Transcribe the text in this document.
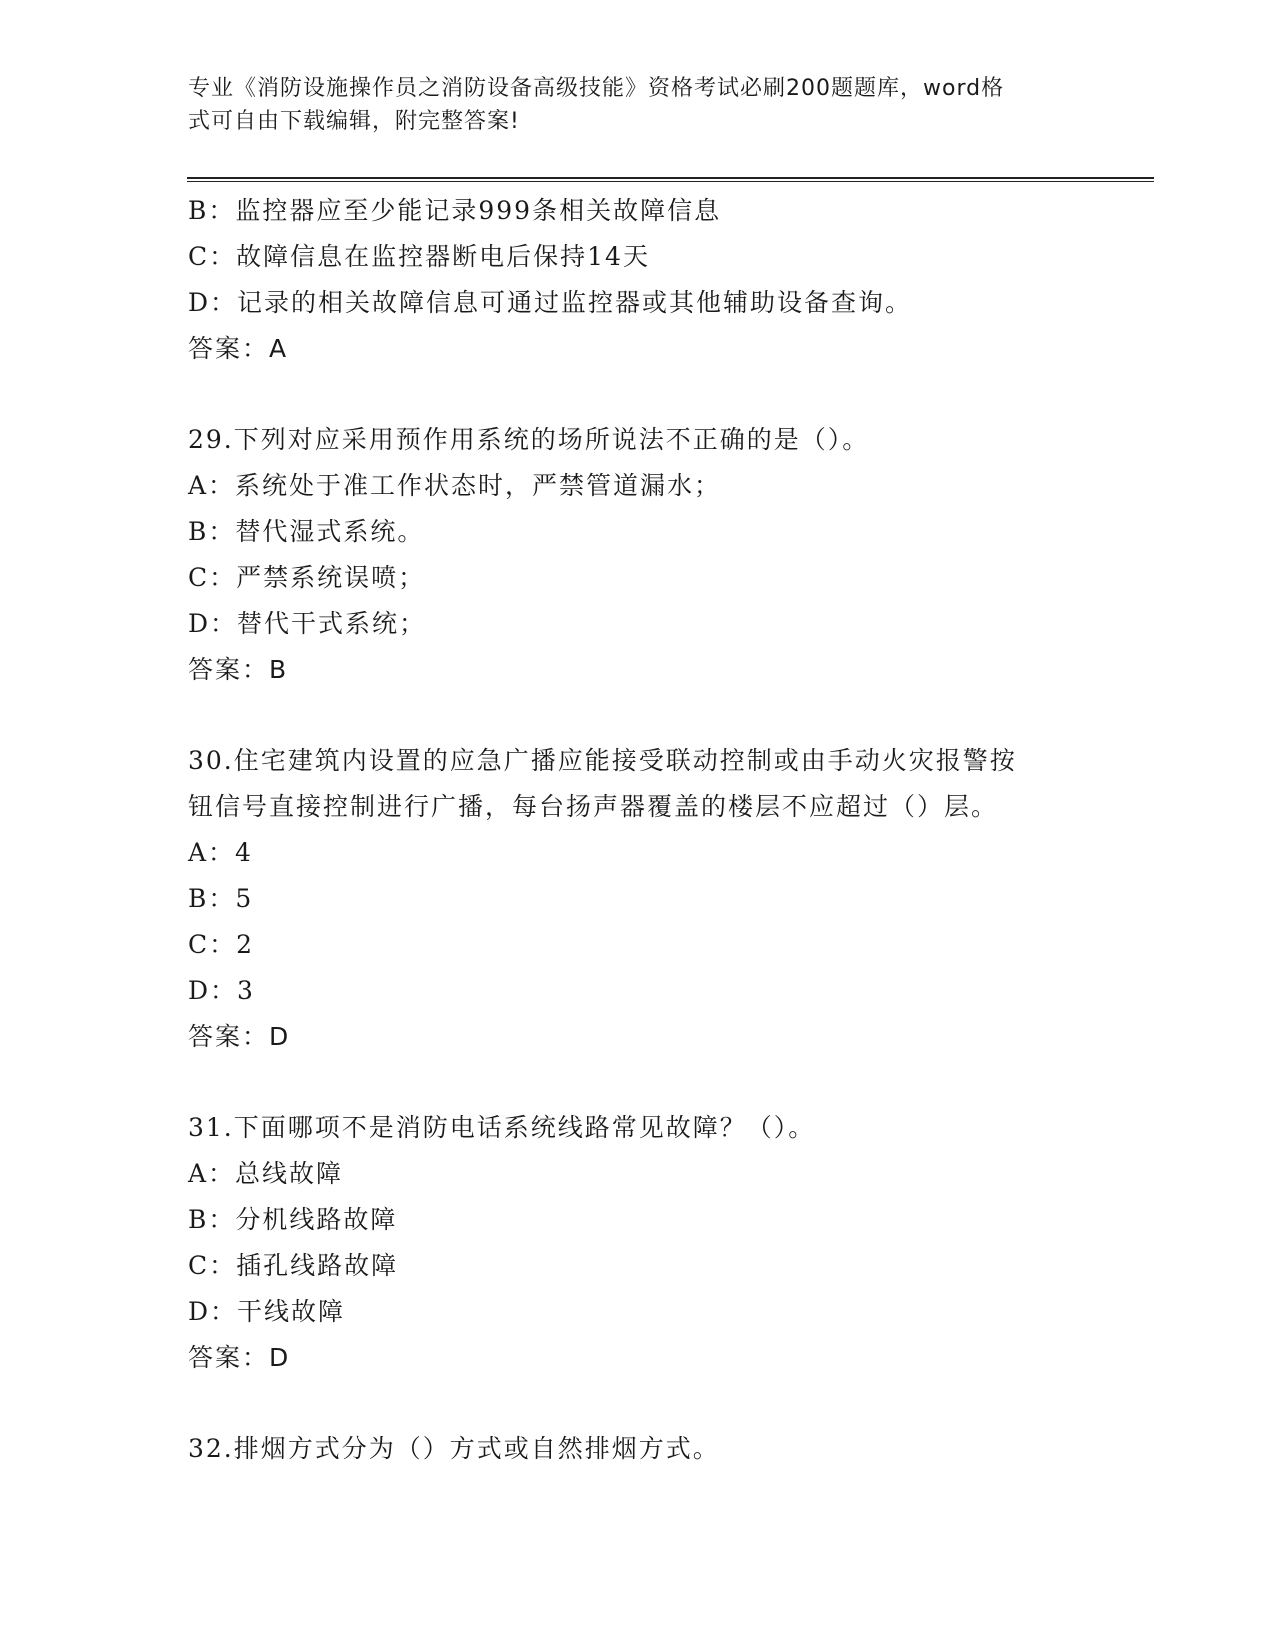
专业《消防设施操作员之消防设备高级技能》资格考试必刷200题题库，word格
式可自由下载编辑，附完整答案!
B：监控器应至少能记录999条相关故障信息
C：故障信息在监控器断电后保持14天
D：记录的相关故障信息可通过监控器或其他辅助设备查询。
答案：A
29.下列对应采用预作用系统的场所说法不正确的是（）。
A：系统处于准工作状态时，严禁管道漏水；
B：替代湿式系统。
C：严禁系统误喷；
D：替代干式系统；
答案：B
30.住宅建筑内设置的应急广播应能接受联动控制或由手动火灾报警按
钮信号直接控制进行广播，每台扬声器覆盖的楼层不应超过（）层。
A：4
B：5
C：2
D：3
答案：D
31.下面哪项不是消防电话系统线路常见故障？（）。
A：总线故障
B：分机线路故障
C：插孔线路故障
D：干线故障
答案：D
32.排烟方式分为（）方式或自然排烟方式。
